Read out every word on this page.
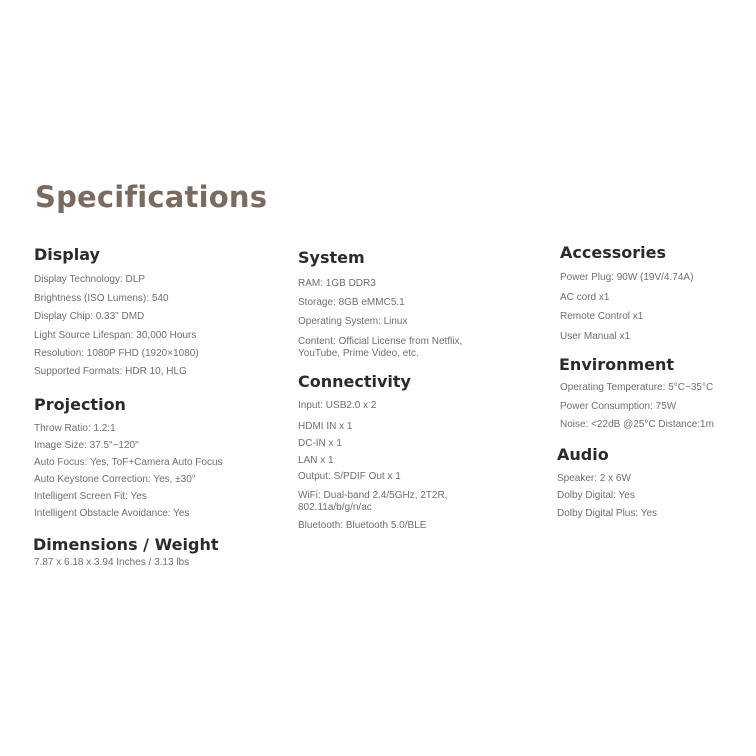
Specifications
Display
Display Technology: DLP
Brightness (ISO Lumens): 540
Display Chip: 0.33" DMD
Light Source Lifespan: 30,000 Hours
Resolution: 1080P FHD (1920×1080)
Supported Formats: HDR 10, HLG
Projection
Throw Ratio: 1.2:1
Image Size: 37.5"~120"
Auto Focus: Yes, ToF+Camera Auto Focus
Auto Keystone Correction: Yes, ±30°
Intelligent Screen Fit: Yes
Intelligent Obstacle Avoidance: Yes
Dimensions / Weight
7.87 x 6.18 x 3.94 Inches / 3.13 lbs
System
RAM: 1GB DDR3
Storage: 8GB eMMC5.1
Operating System: Linux
Content: Official License from Netflix, YouTube, Prime Video, etc.
Connectivity
Input: USB2.0 x 2
HDMI IN x 1
DC-IN x 1
LAN x 1
Output: S/PDIF Out x 1
WiFi: Dual-band 2.4/5GHz, 2T2R, 802.11a/b/g/n/ac
Bluetooth: Bluetooth 5.0/BLE
Accessories
Power Plug: 90W (19V/4.74A)
AC cord x1
Remote Control x1
User Manual x1
Environment
Operating Temperature: 5°C~35°C
Power Consumption: 75W
Noise: <22dB @25°C Distance:1m
Audio
Speaker: 2 x 6W
Dolby Digital: Yes
Dolby Digital Plus: Yes
